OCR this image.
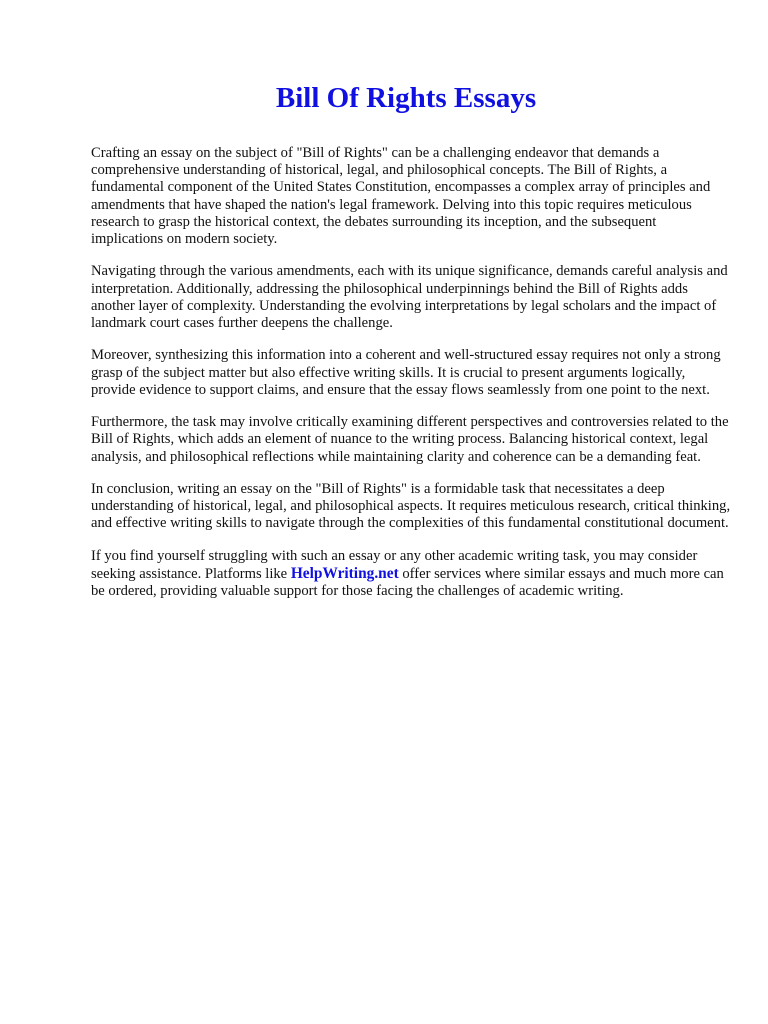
Bill Of Rights Essays

Crafting an essay on the subject of "Bill of Rights" can be a challenging endeavor that demands a comprehensive understanding of historical, legal, and philosophical concepts. The Bill of Rights, a fundamental component of the United States Constitution, encompasses a complex array of principles and amendments that have shaped the nation's legal framework. Delving into this topic requires meticulous research to grasp the historical context, the debates surrounding its inception, and the subsequent implications on modern society.

Navigating through the various amendments, each with its unique significance, demands careful analysis and interpretation. Additionally, addressing the philosophical underpinnings behind the Bill of Rights adds another layer of complexity. Understanding the evolving interpretations by legal scholars and the impact of landmark court cases further deepens the challenge.

Moreover, synthesizing this information into a coherent and well-structured essay requires not only a strong grasp of the subject matter but also effective writing skills. It is crucial to present arguments logically, provide evidence to support claims, and ensure that the essay flows seamlessly from one point to the next.

Furthermore, the task may involve critically examining different perspectives and controversies related to the Bill of Rights, which adds an element of nuance to the writing process. Balancing historical context, legal analysis, and philosophical reflections while maintaining clarity and coherence can be a demanding feat.

In conclusion, writing an essay on the "Bill of Rights" is a formidable task that necessitates a deep understanding of historical, legal, and philosophical aspects. It requires meticulous research, critical thinking, and effective writing skills to navigate through the complexities of this fundamental constitutional document.

If you find yourself struggling with such an essay or any other academic writing task, you may consider seeking assistance. Platforms like HelpWriting.net offer services where similar essays and much more can be ordered, providing valuable support for those facing the challenges of academic writing.
